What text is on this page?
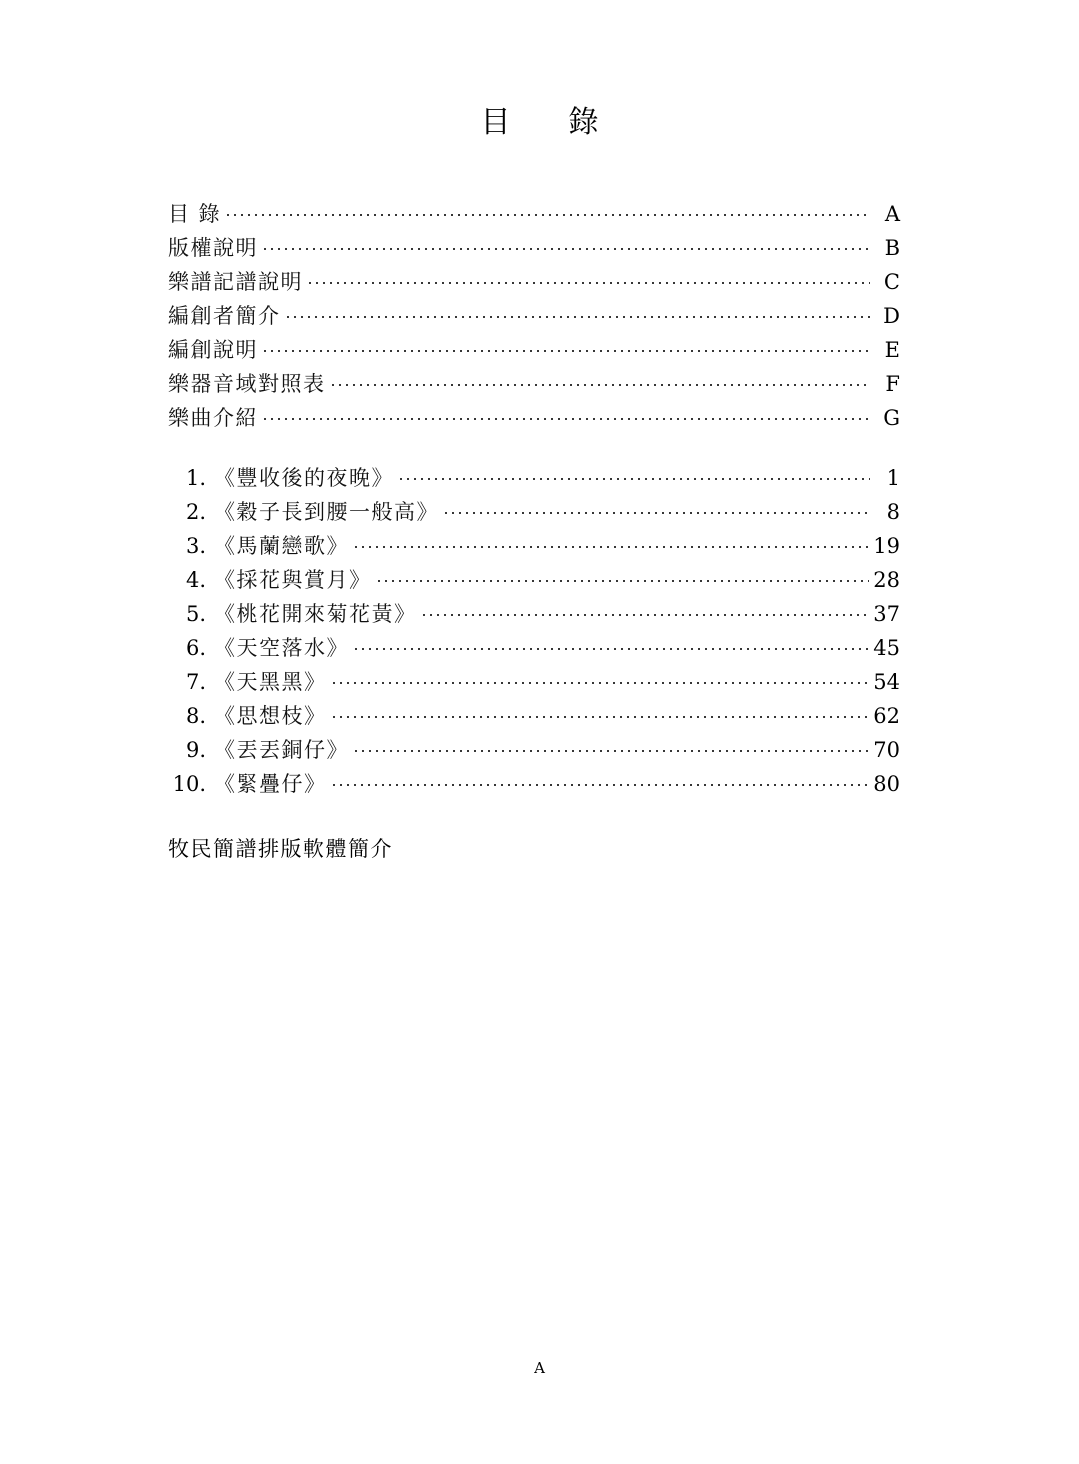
目　錄
目 錄	A
版權說明	B
樂譜記譜說明	C
編創者簡介	D
編創說明	E
樂器音域對照表	F
樂曲介紹	G
1. 《豐收後的夜晚》	1
2. 《穀子長到腰一般高》	8
3. 《馬蘭戀歌》	19
4. 《採花與賞月》	28
5. 《桃花開來菊花黃》	37
6. 《天空落水》	45
7. 《天黑黑》	54
8. 《思想枝》	62
9. 《丟丟銅仔》	70
10. 《緊疊仔》	80
牧民簡譜排版軟體簡介
A
